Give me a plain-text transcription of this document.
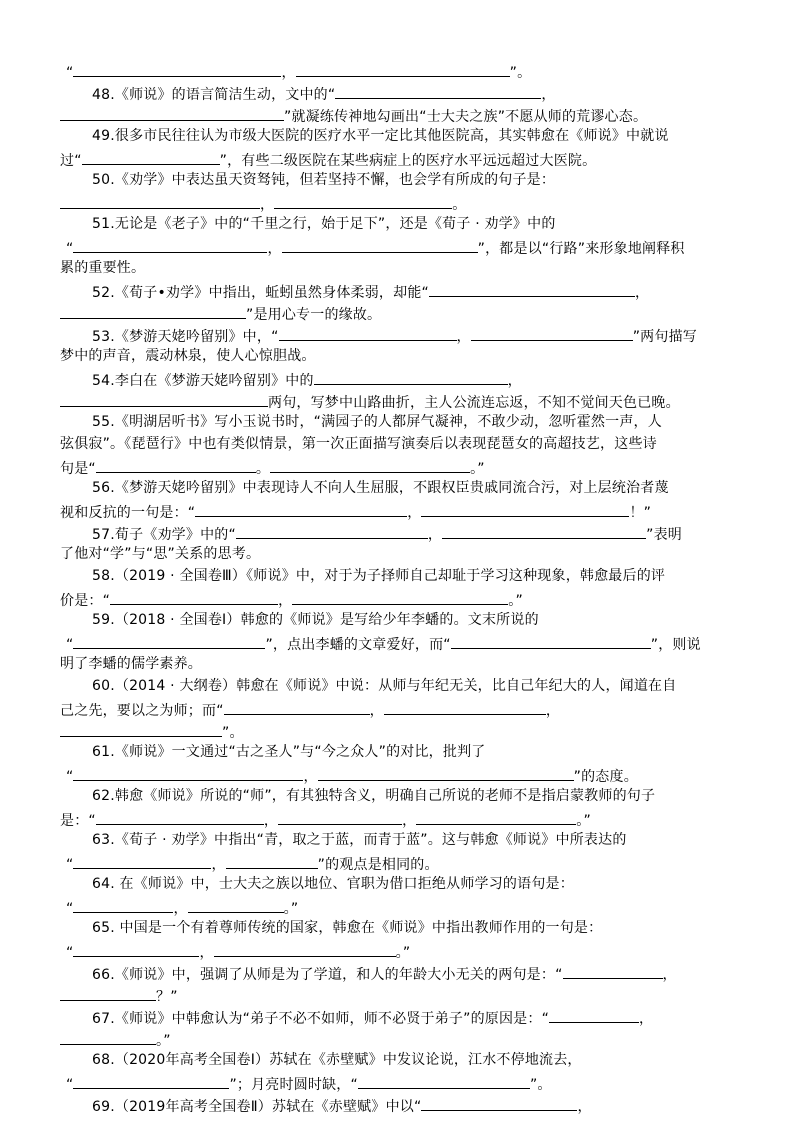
“	，	”。
48.《师说》的语言简洁生动，文中的“	，
”就凝练传神地勾画出“士大夫之族”不愿从师的荒谬心态。
49.很多市民往往认为市级大医院的医疗水平一定比其他医院高，其实韩愈在《师说》中就说
过“	”，有些二级医院在某些病症上的医疗水平远远超过大医院。
50.《劝学》中表达虽天资驽钝，但若坚持不懈，也会学有所成的句子是：
，	。
51.无论是《老子》中的“千里之行，始于足下”，还是《荀子 · 劝学》中的
“	，	”，都是以“行路”来形象地阐释积
累的重要性。
52.《荀子•劝学》中指出，蚯蚓虽然身体柔弱，却能“	，
”是用心专一的缘故。
53.《梦游天姥吟留别》中，“	，	”两句描写
梦中的声音，震动林泉，使人心惊胆战。
54.李白在《梦游天姥吟留别》中的	，
两句，写梦中山路曲折，主人公流连忘返，不知不觉间天色已晚。
55.《明湖居听书》写小玉说书时，“满园子的人都屏气凝神，不敢少动，忽听霍然一声，人
弦俱寂”。《琵琶行》中也有类似情景，第一次正面描写演奏后以表现琵琶女的高超技艺，这些诗
句是“	。	。”
56.《梦游天姥吟留别》中表现诗人不向人生屈服，不跟权臣贵戚同流合污，对上层统治者蔑
视和反抗的一句是：“	，	！”
57.荀子《劝学》中的“	，	”表明
了他对“学”与“思”关系的思考。
58.（2019 · 全国卷Ⅲ）《师说》中，对于为子择师自己却耻于学习这种现象，韩愈最后的评
价是：“	，	。”
59.（2018 · 全国卷Ⅰ）韩愈的《师说》是写给少年李蟠的。文末所说的
“	”，点出李蟠的文章爱好，而“	”，则说
明了李蟠的儒学素养。
60.（2014 · 大纲卷）韩愈在《师说》中说：从师与年纪无关，比自己年纪大的人，闻道在自
己之先，要以之为师；而“	，	，
”。
61.《师说》一文通过“古之圣人”与“今之众人”的对比，批判了
“	，	”的态度。
62.韩愈《师说》所说的“师”，有其独特含义，明确自己所说的老师不是指启蒙教师的句子
是：“	，	，	。”
63.《荀子 · 劝学》中指出“青，取之于蓝，而青于蓝”。这与韩愈《师说》中所表达的
“	，	”的观点是相同的。
64. 在《师说》中，士大夫之族以地位、官职为借口拒绝从师学习的语句是：
“	，	。”
65. 中国是一个有着尊师传统的国家，韩愈在《师说》中指出教师作用的一句是：
“	，	。”
66.《师说》中，强调了从师是为了学道，和人的年龄大小无关的两句是：“	，
？”
67.《师说》中韩愈认为“弟子不必不如师，师不必贤于弟子”的原因是：“	，
。”
68.（2020年高考全国卷Ⅰ）苏轼在《赤壁赋》中发议论说，江水不停地流去，
“	”；月亮时圆时缺，“	”。
69.（2019年高考全国卷Ⅱ）苏轼在《赤壁赋》中以“	，
